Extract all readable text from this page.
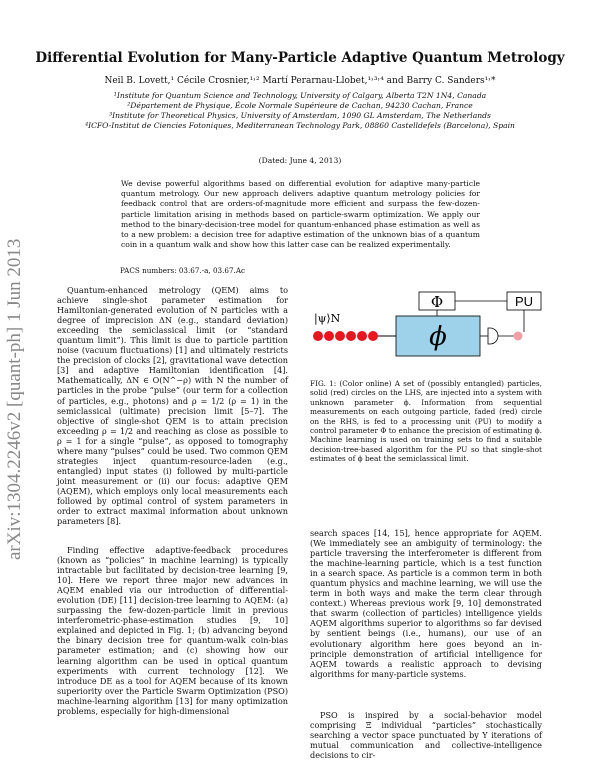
arXiv:1304.2246v2 [quant-ph] 1 Jun 2013
Differential Evolution for Many-Particle Adaptive Quantum Metrology
Neil B. Lovett,¹ Cécile Crosnier,¹˒² Martí Perarnau-Llobet,¹˒³˒⁴ and Barry C. Sanders¹˒*
¹Institute for Quantum Science and Technology, University of Calgary, Alberta T2N 1N4, Canada
²Département de Physique, École Normale Supérieure de Cachan, 94230 Cachan, France
³Institute for Theoretical Physics, University of Amsterdam, 1090 GL Amsterdam, The Netherlands
⁴ICFO-Institut de Ciencies Fotoniques, Mediterranean Technology Park, 08860 Castelldefels (Barcelona), Spain
(Dated: June 4, 2013)
We devise powerful algorithms based on differential evolution for adaptive many-particle quantum metrology. Our new approach delivers adaptive quantum metrology policies for feedback control that are orders-of-magnitude more efficient and surpass the few-dozen-particle limitation arising in methods based on particle-swarm optimization. We apply our method to the binary-decision-tree model for quantum-enhanced phase estimation as well as to a new problem: a decision tree for adaptive estimation of the unknown bias of a quantum coin in a quantum walk and show how this latter case can be realized experimentally.
PACS numbers: 03.67.-a, 03.67.Ac
Quantum-enhanced metrology (QEM) aims to achieve single-shot parameter estimation for Hamiltonian-generated evolution of N particles with a degree of imprecision ΔN (e.g., standard deviation) exceeding the semiclassical limit (or “standard quantum limit”). This limit is due to particle partition noise (vacuum fluctuations) [1] and ultimately restricts the precision of clocks [2], gravitational wave detection [3] and adaptive Hamiltonian identification [4]. Mathematically, ΔN ∈ O(N^−ρ) with N the number of particles in the probe “pulse” (our term for a collection of particles, e.g., photons) and ρ = 1/2 (ρ = 1) in the semiclassical (ultimate) precision limit [5–7]. The objective of single-shot QEM is to attain precision exceeding ρ = 1/2 and reaching as close as possible to ρ = 1 for a single “pulse”, as opposed to tomography where many “pulses” could be used. Two common QEM strategies inject quantum-resource-laden (e.g., entangled) input states (i) followed by multi-particle joint measurement or (ii) our focus: adaptive QEM (AQEM), which employs only local measurements each followed by optimal control of system parameters in order to extract maximal information about unknown parameters [8].
Finding effective adaptive-feedback procedures (known as “policies” in machine learning) is typically intractable but facilitated by decision-tree learning [9, 10]. Here we report three major new advances in AQEM enabled via our introduction of differential-evolution (DE) [11] decision-tree learning to AQEM: (a) surpassing the few-dozen-particle limit in previous interferometric-phase-estimation studies [9, 10] explained and depicted in Fig. 1; (b) advancing beyond the binary decision tree for quantum-walk coin-bias parameter estimation; and (c) showing how our learning algorithm can be used in optical quantum experiments with current technology [12]. We introduce DE as a tool for AQEM because of its known superiority over the Particle Swarm Optimization (PSO) machine-learning algorithm [13] for many optimization problems, especially for high-dimensional
|ψ⟩N
ϕ
Φ	PU
FIG. 1: (Color online) A set of (possibly entangled) particles, solid (red) circles on the LHS, are injected into a system with unknown parameter ϕ. Information from sequential measurements on each outgoing particle, faded (red) circle on the RHS, is fed to a processing unit (PU) to modify a control parameter Φ to enhance the precision of estimating ϕ. Machine learning is used on training sets to find a suitable decision-tree-based algorithm for the PU so that single-shot estimates of ϕ beat the semiclassical limit.
search spaces [14, 15], hence appropriate for AQEM. (We immediately see an ambiguity of terminology: the particle traversing the interferometer is different from the machine-learning particle, which is a test function in a search space. As particle is a common term in both quantum physics and machine learning, we will use the term in both ways and make the term clear through context.) Whereas previous work [9, 10] demonstrated that swarm (collection of particles) intelligence yields AQEM algorithms superior to algorithms so far devised by sentient beings (i.e., humans), our use of an evolutionary algorithm here goes beyond an in-principle demonstration of artificial intelligence for AQEM towards a realistic approach to devising algorithms for many-particle systems.
PSO is inspired by a social-behavior model comprising Ξ individual “particles” stochastically searching a vector space punctuated by Υ iterations of mutual communication and collective-intelligence decisions to cir-
